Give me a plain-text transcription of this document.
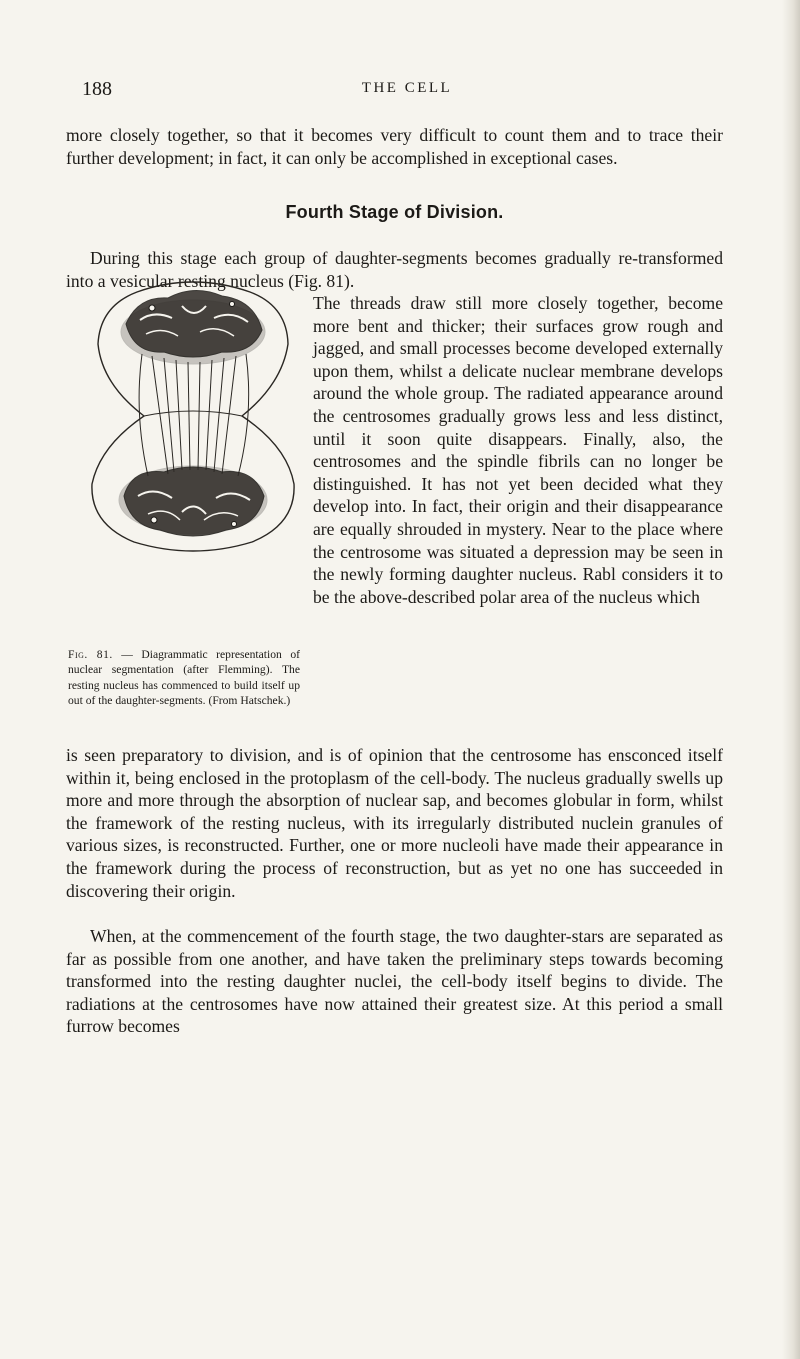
188	THE CELL
more closely together, so that it becomes very difficult to count them and to trace their further development; in fact, it can only be accomplished in exceptional cases.
Fourth Stage of Division.
During this stage each group of daughter-segments becomes gradually re-transformed into a vesicular resting nucleus (Fig. 81).
The threads draw still more closely together, become more bent and thicker; their surfaces grow rough and jagged, and small processes become developed externally upon them, whilst a delicate nuclear membrane develops around the whole group. The radiated appearance around the centrosomes gradually grows less and less distinct, until it soon quite disappears. Finally, also, the centrosomes and the spindle fibrils can no longer be distinguished. It has not yet been decided what they develop into. In fact, their origin and their disappearance are equally shrouded in mystery. Near to the place where the centrosome was situated a depression may be seen in the newly forming daughter nucleus. Rabl considers it to be the above-described polar area of the nucleus which
Fig. 81. — Diagrammatic representation of nuclear segmentation (after Flemming). The resting nucleus has commenced to build itself up out of the daughter-segments. (From Hatschek.)
is seen preparatory to division, and is of opinion that the centrosome has ensconced itself within it, being enclosed in the protoplasm of the cell-body. The nucleus gradually swells up more and more through the absorption of nuclear sap, and becomes globular in form, whilst the framework of the resting nucleus, with its irregularly distributed nuclein granules of various sizes, is reconstructed. Further, one or more nucleoli have made their appearance in the framework during the process of reconstruction, but as yet no one has succeeded in discovering their origin.
When, at the commencement of the fourth stage, the two daughter-stars are separated as far as possible from one another, and have taken the preliminary steps towards becoming transformed into the resting daughter nuclei, the cell-body itself begins to divide. The radiations at the centrosomes have now attained their greatest size. At this period a small furrow becomes
